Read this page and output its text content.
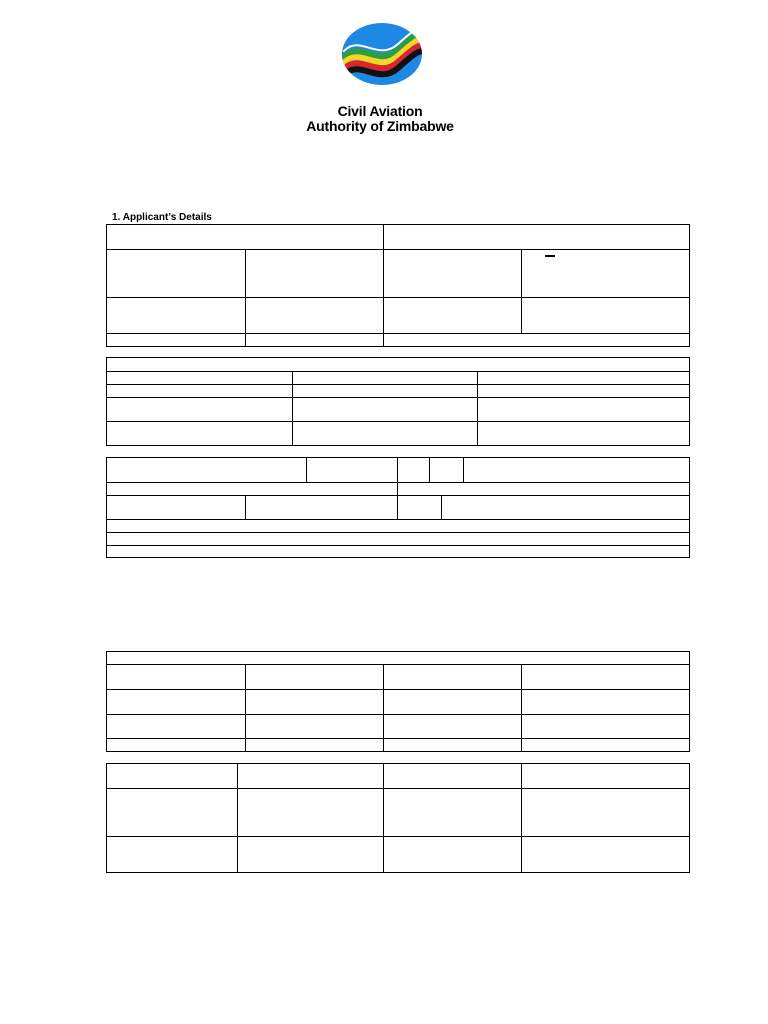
Civil Aviation
Authority of Zimbabwe
1. Applicant’s Details
